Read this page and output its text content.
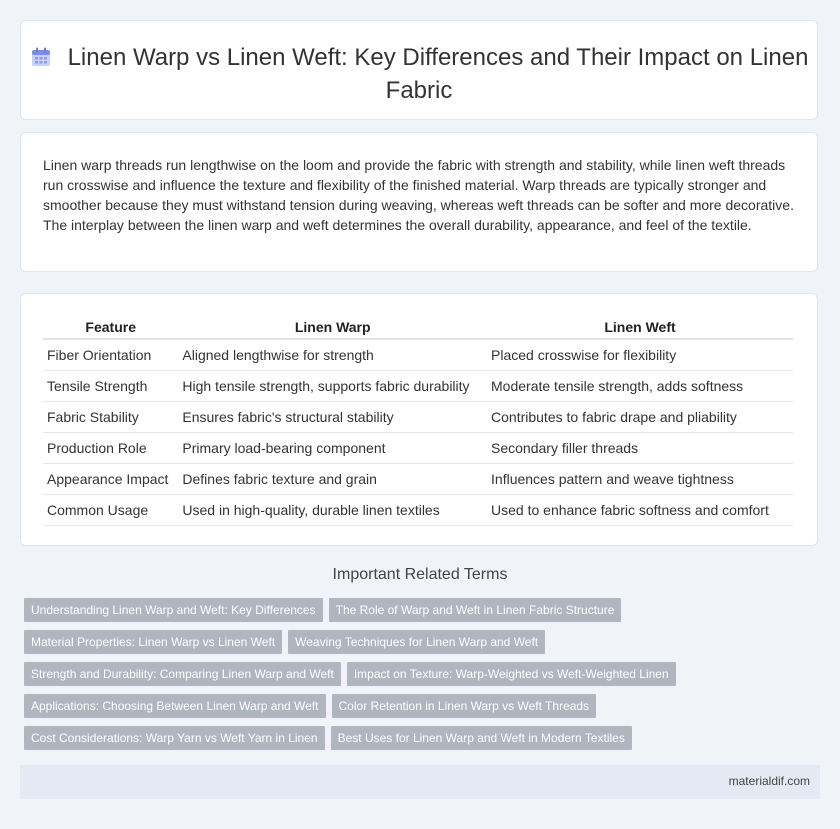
Linen Warp vs Linen Weft: Key Differences and Their Impact on Linen Fabric

Linen warp threads run lengthwise on the loom and provide the fabric with strength and stability, while linen weft threads run crosswise and influence the texture and flexibility of the finished material. Warp threads are typically stronger and smoother because they must withstand tension during weaving, whereas weft threads can be softer and more decorative. The interplay between the linen warp and weft determines the overall durability, appearance, and feel of the textile.

Feature	Linen Warp	Linen Weft
Fiber Orientation	Aligned lengthwise for strength	Placed crosswise for flexibility
Tensile Strength	High tensile strength, supports fabric durability	Moderate tensile strength, adds softness
Fabric Stability	Ensures fabric's structural stability	Contributes to fabric drape and pliability
Production Role	Primary load-bearing component	Secondary filler threads
Appearance Impact	Defines fabric texture and grain	Influences pattern and weave tightness
Common Usage	Used in high-quality, durable linen textiles	Used to enhance fabric softness and comfort
Important Related Terms
Understanding Linen Warp and Weft: Key Differences The Role of Warp and Weft in Linen Fabric Structure
Material Properties: Linen Warp vs Linen Weft Weaving Techniques for Linen Warp and Weft
Strength and Durability: Comparing Linen Warp and Weft Impact on Texture: Warp-Weighted vs Weft-Weighted Linen
Applications: Choosing Between Linen Warp and Weft Color Retention in Linen Warp vs Weft Threads
Cost Considerations: Warp Yarn vs Weft Yarn in Linen Best Uses for Linen Warp and Weft in Modern Textiles
materialdif.com
